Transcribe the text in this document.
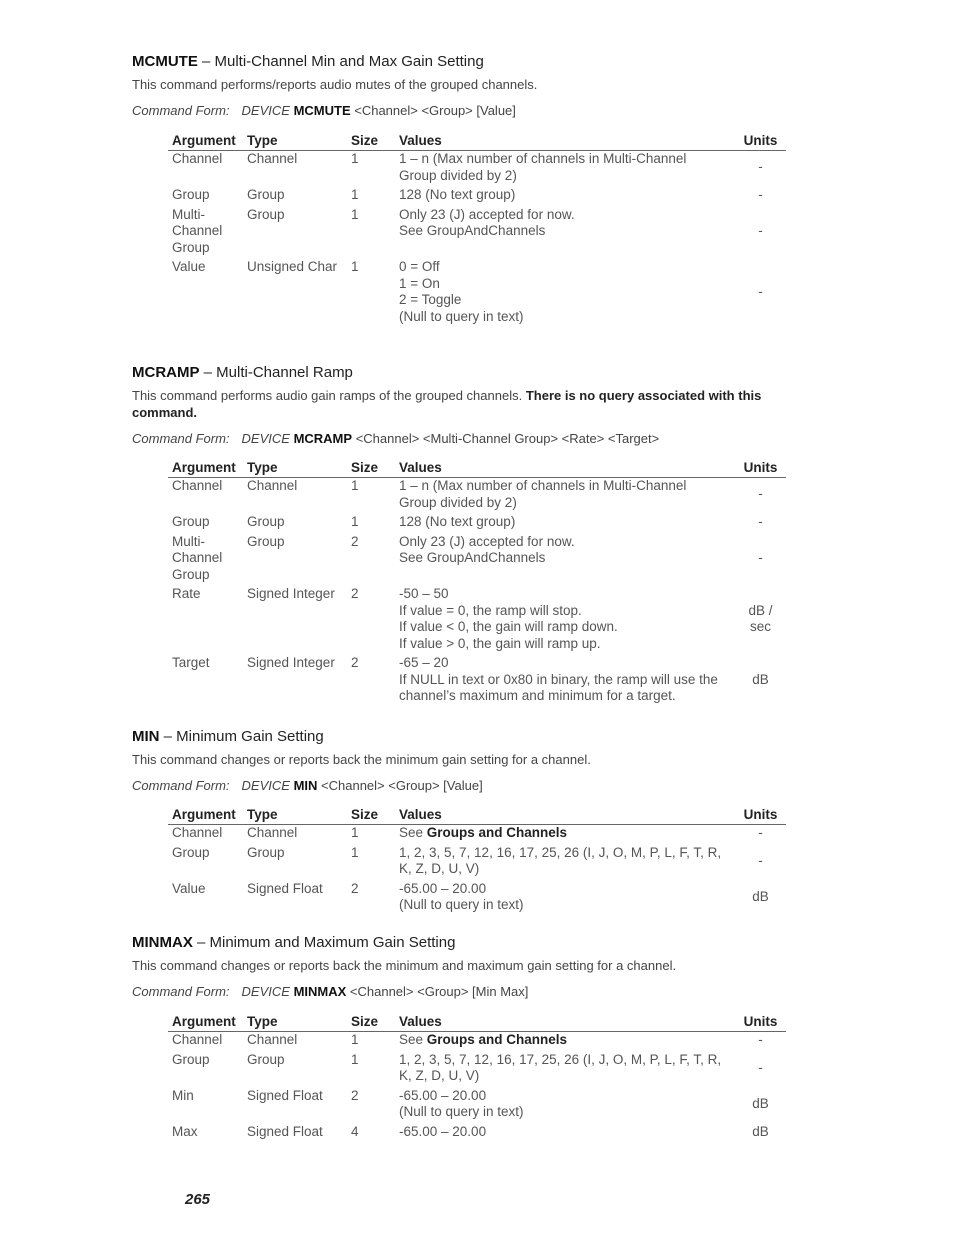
MCMUTE – Multi-Channel Min and Max Gain Setting
This command performs/reports audio mutes of the grouped channels.
Command Form: DEVICE MCMUTE <Channel> <Group> [Value]
Argument	Type	Size	Values	Units

Channel	Channel	1	1 – n (Max number of channels in Multi-Channel
Group divided by 2)	-

Group	Group	1	128 (No text group)	-

Multi-
Channel
Group	Group	1	Only 23 (J) accepted for now.
See GroupAndChannels	-

Value	Unsigned Char	1	0 = Off
1 = On
2 = Toggle
(Null to query in text)	-
MCRAMP – Multi-Channel Ramp
This command performs audio gain ramps of the grouped channels. There is no query associated with this command.
Command Form: DEVICE MCRAMP <Channel> <Multi-Channel Group> <Rate> <Target>
Argument	Type	Size	Values	Units

Channel	Channel	1	1 – n (Max number of channels in Multi-Channel
Group divided by 2)	-

Group	Group	1	128 (No text group)	-

Multi-
Channel
Group	Group	2	Only 23 (J) accepted for now.
See GroupAndChannels	-

Rate	Signed Integer	2	-50 – 50
If value = 0, the ramp will stop.
If value < 0, the gain will ramp down.
If value > 0, the gain will ramp up.	dB /
sec

Target	Signed Integer	2	-65 – 20
If NULL in text or 0x80 in binary, the ramp will use the
channel’s maximum and minimum for a target.	dB
MIN – Minimum Gain Setting
This command changes or reports back the minimum gain setting for a channel.
Command Form: DEVICE MIN <Channel> <Group> [Value]
Argument	Type	Size	Values	Units

Channel	Channel	1	See Groups and Channels	-

Group	Group	1	1, 2, 3, 5, 7, 12, 16, 17, 25, 26 (I, J, O, M, P, L, F, T, R,
K, Z, D, U, V)	-

Value	Signed Float	2	-65.00 – 20.00
(Null to query in text)	dB
MINMAX – Minimum and Maximum Gain Setting
This command changes or reports back the minimum and maximum gain setting for a channel.
Command Form: DEVICE MINMAX <Channel> <Group> [Min Max]
Argument	Type	Size	Values	Units

Channel	Channel	1	See Groups and Channels	-

Group	Group	1	1, 2, 3, 5, 7, 12, 16, 17, 25, 26 (I, J, O, M, P, L, F, T, R,
K, Z, D, U, V)	-

Min	Signed Float	2	-65.00 – 20.00
(Null to query in text)	dB

Max	Signed Float	4	-65.00 – 20.00	dB
265
